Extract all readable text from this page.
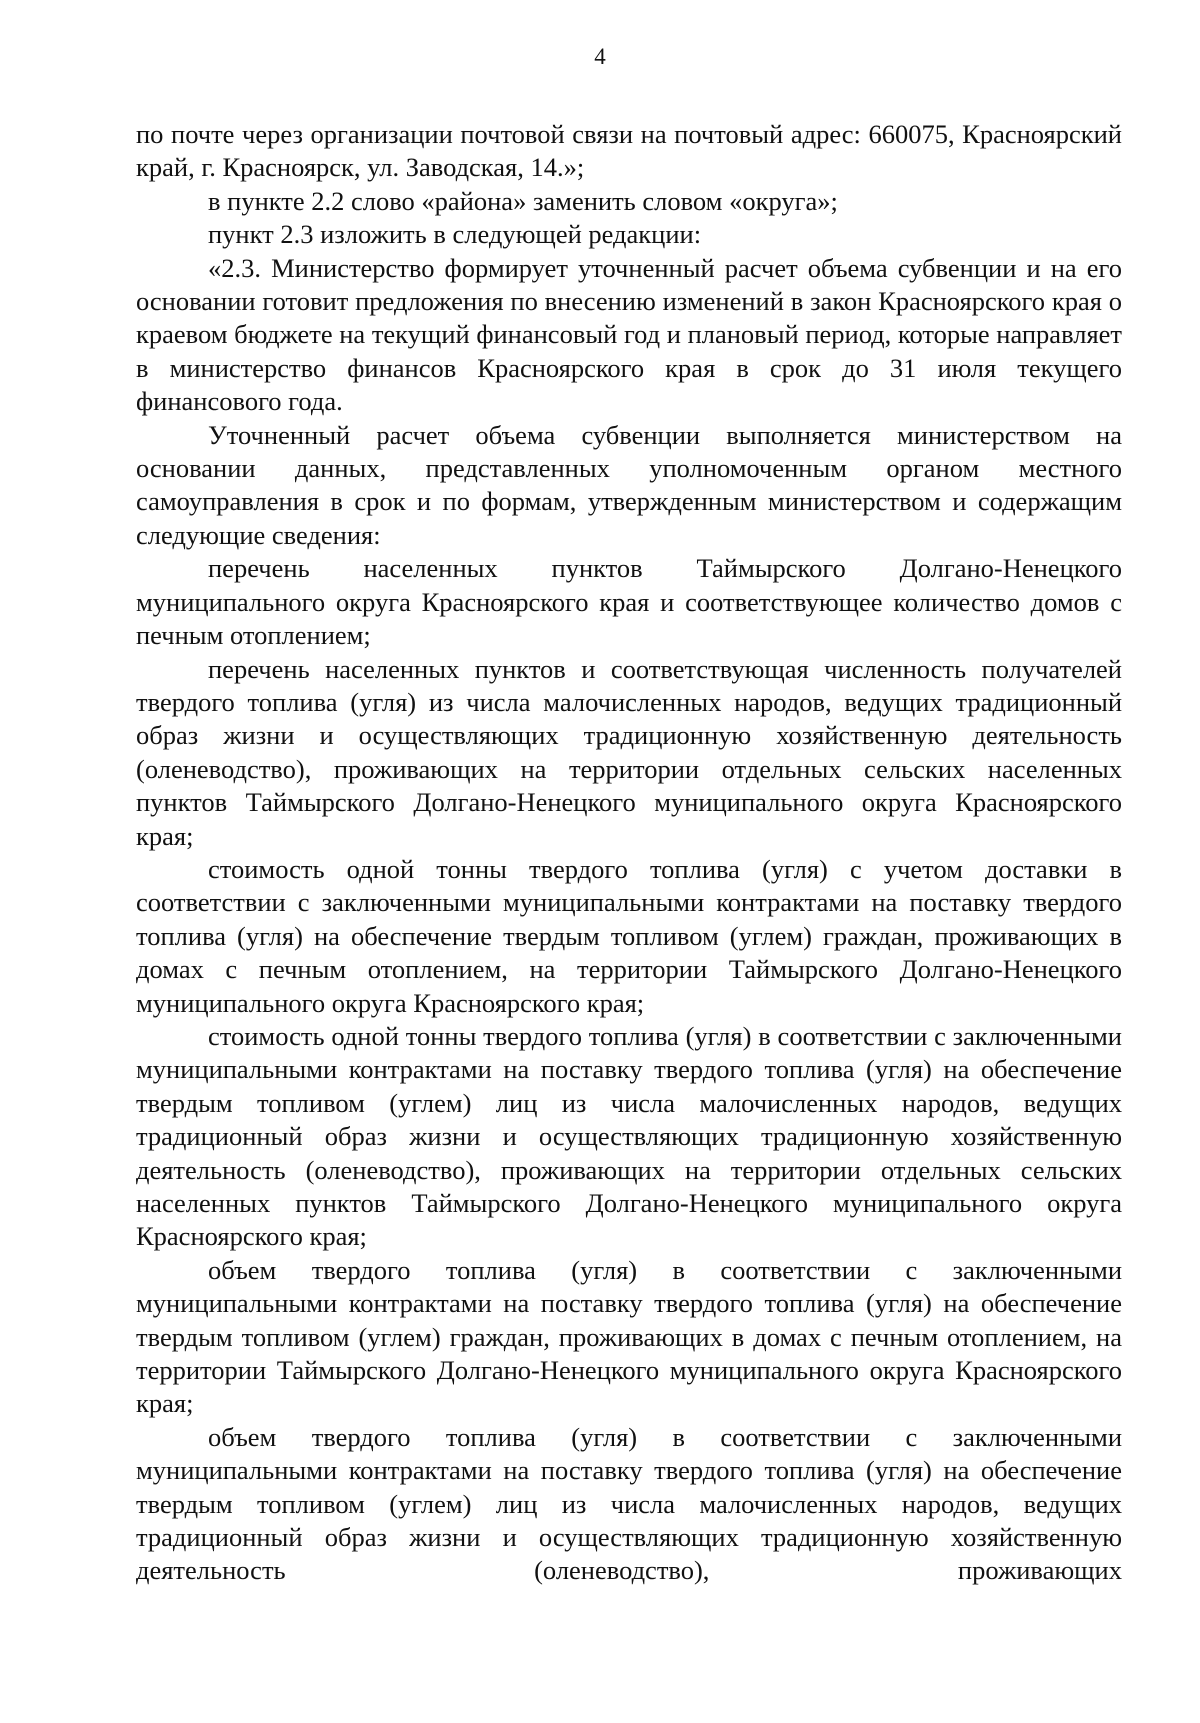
4

по почте через организации почтовой связи на почтовый адрес: 660075, Красноярский край, г. Красноярск, ул. Заводская, 14.»;

в пункте 2.2 слово «района» заменить словом «округа»;

пункт 2.3 изложить в следующей редакции:

«2.3. Министерство формирует уточненный расчет объема субвенции и на его основании готовит предложения по внесению изменений в закон Красноярского края о краевом бюджете на текущий финансовый год и плановый период, которые направляет в министерство финансов Красноярского края в срок до 31 июля текущего финансового года.

Уточненный расчет объема субвенции выполняется министерством на основании данных, представленных уполномоченным органом местного самоуправления в срок и по формам, утвержденным министерством и содержащим следующие сведения:

перечень населенных пунктов Таймырского Долгано-Ненецкого муниципального округа Красноярского края и соответствующее количество домов с печным отоплением;

перечень населенных пунктов и соответствующая численность получателей твердого топлива (угля) из числа малочисленных народов, ведущих традиционный образ жизни и осуществляющих традиционную хозяйственную деятельность (оленеводство), проживающих на территории отдельных сельских населенных пунктов Таймырского Долгано-Ненецкого муниципального округа Красноярского края;

стоимость одной тонны твердого топлива (угля) с учетом доставки в соответствии с заключенными муниципальными контрактами на поставку твердого топлива (угля) на обеспечение твердым топливом (углем) граждан, проживающих в домах с печным отоплением, на территории Таймырского Долгано-Ненецкого муниципального округа Красноярского края;

стоимость одной тонны твердого топлива (угля) в соответствии с заключенными муниципальными контрактами на поставку твердого топлива (угля) на обеспечение твердым топливом (углем) лиц из числа малочисленных народов, ведущих традиционный образ жизни и осуществляющих традиционную хозяйственную деятельность (оленеводство), проживающих на территории отдельных сельских населенных пунктов Таймырского Долгано-Ненецкого муниципального округа Красноярского края;

объем твердого топлива (угля) в соответствии с заключенными муниципальными контрактами на поставку твердого топлива (угля) на обеспечение твердым топливом (углем) граждан, проживающих в домах с печным отоплением, на территории Таймырского Долгано-Ненецкого муниципального округа Красноярского края;

объем твердого топлива (угля) в соответствии с заключенными муниципальными контрактами на поставку твердого топлива (угля) на обеспечение твердым топливом (углем) лиц из числа малочисленных народов, ведущих традиционный образ жизни и осуществляющих традиционную хозяйственную деятельность (оленеводство), проживающих
